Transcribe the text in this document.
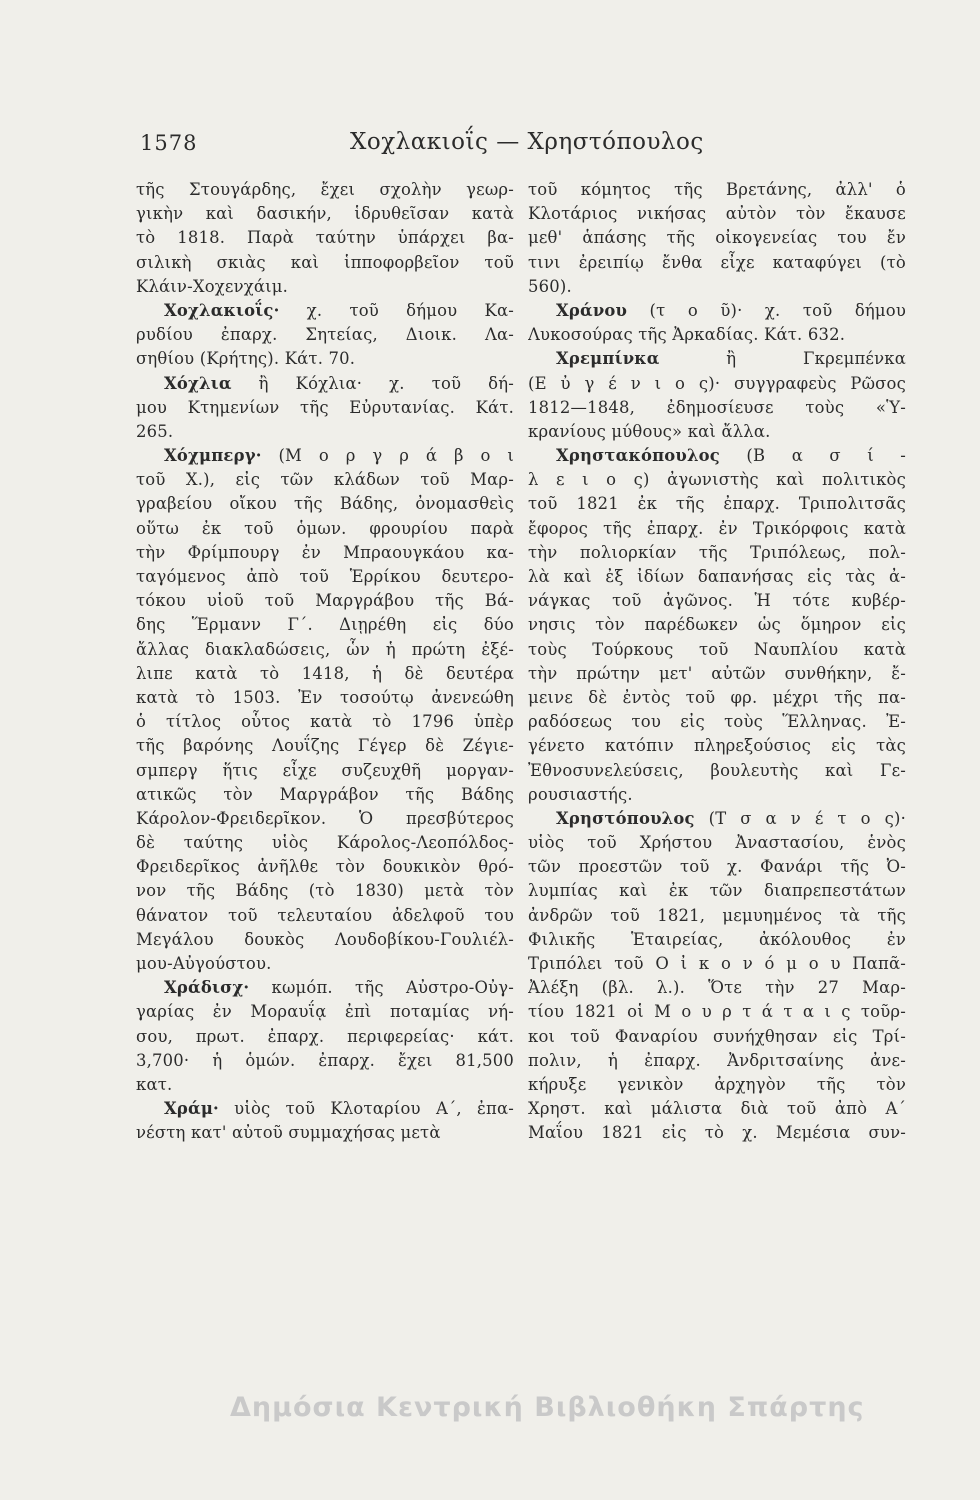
1578	Χοχλακιοΐς — Χρηστόπουλος
τῆς Στουγάρδης, ἔχει σχολὴν γεωρ-
γικὴν καὶ δασικήν, ἱδρυθεῖσαν κατὰ
τὸ 1818. Παρὰ ταύτην ὑπάρχει βα-
σιλικὴ σκιὰς καὶ ἱπποφορβεῖον τοῦ
Κλάιν-Χοχενχάιμ.
Χοχλακιοΐς· χ. τοῦ δήμου Κα-
ρυδίου ἐπαρχ. Σητείας, Διοικ. Λα-
σηθίου (Κρήτης). Κάτ. 70.
Χόχλια ἢ Κόχλια· χ. τοῦ δή-
μου Κτημενίων τῆς Εὐρυτανίας. Κάτ.
265.
Χόχμπεργ· (Μ ο ρ γ ρ ά β ο ι
τοῦ Χ.), εἰς τῶν κλάδων τοῦ Μαρ-
γραβείου οἴκου τῆς Βάδης, ὀνομασθεὶς
οὕτω ἐκ τοῦ ὁμων. φρουρίου παρὰ
τὴν Φρίμπουργ ἐν Μπραουγκάου κα-
ταγόμενος ἀπὸ τοῦ Ἑρρίκου δευτερο-
τόκου υἱοῦ τοῦ Μαργράβου τῆς Βά-
δης Ἕρμανν Γ΄. Διῃρέθη εἰς δύο
ἄλλας διακλαδώσεις, ὧν ἡ πρώτη ἐξέ-
λιπε κατὰ τὸ 1418, ἡ δὲ δευτέρα
κατὰ τὸ 1503. Ἐν τοσούτῳ ἀνενεώθη
ὁ τίτλος οὗτος κατὰ τὸ 1796 ὑπὲρ
τῆς βαρόνης Λουΐζης Γέγερ δὲ Ζέγιε-
σμπεργ ἥτις εἶχε συζευχθῆ μοργαν-
ατικῶς τὸν Μαργράβον τῆς Βάδης
Κάρολον-Φρειδερῖκον. Ὁ πρεσβύτερος
δὲ ταύτης υἱὸς Κάρολος-Λεοπόλδος-
Φρειδερῖκος ἀνῆλθε τὸν δουκικὸν θρό-
νον τῆς Βάδης (τὸ 1830) μετὰ τὸν
θάνατον τοῦ τελευταίου ἀδελφοῦ του
Μεγάλου δουκὸς Λουδοβίκου-Γουλιέλ-
μου-Αὐγούστου.
Χράδισχ· κωμόπ. τῆς Αὐστρο-Οὐγ-
γαρίας ἐν Μοραυΐᾳ ἐπὶ ποταμίας νή-
σου, πρωτ. ἐπαρχ. περιφερείας· κάτ.
3,700· ἡ ὁμών. ἐπαρχ. ἔχει 81,500
κατ.
Χράμ· υἱὸς τοῦ Κλοταρίου Α΄, ἐπα-
νέστη κατ' αὐτοῦ συμμαχήσας μετὰ
τοῦ κόμητος τῆς Βρετάνης, ἀλλ' ὁ
Κλοτάριος νικήσας αὐτὸν τὸν ἔκαυσε
μεθ' ἁπάσης τῆς οἰκογενείας του ἔν
τινι ἐρειπίῳ ἔνθα εἶχε καταφύγει (τὸ
560).
Χράνου (τ ο ῦ)· χ. τοῦ δήμου
Λυκοσούρας τῆς Ἀρκαδίας. Κάτ. 632.
Χρεμπίνκα ἢ Γκρεμπένκα
(Ε ὐ γ έ ν ι ο ς)· συγγραφεὺς Ρῶσος
1812—1848, ἐδημοσίευσε τοὺς «Ὑ-
κρανίους μύθους» καὶ ἄλλα.
Χρηστακόπουλος (Β α σ ί -
λ ε ι ο ς) ἀγωνιστὴς καὶ πολιτικὸς
τοῦ 1821 ἐκ τῆς ἐπαρχ. Τριπολιτσᾶς
ἔφορος τῆς ἐπαρχ. ἐν Τρικόρφοις κατὰ
τὴν πολιορκίαν τῆς Τριπόλεως, πολ-
λὰ καὶ ἐξ ἰδίων δαπανήσας εἰς τὰς ἀ-
νάγκας τοῦ ἀγῶνος. Ἡ τότε κυβέρ-
νησις τὸν παρέδωκεν ὡς ὅμηρον εἰς
τοὺς Τούρκους τοῦ Ναυπλίου κατὰ
τὴν πρώτην μετ' αὐτῶν συνθήκην, ἔ-
μεινε δὲ ἐντὸς τοῦ φρ. μέχρι τῆς πα-
ραδόσεως του εἰς τοὺς Ἕλληνας. Ἐ-
γένετο κατόπιν πληρεξούσιος εἰς τὰς
Ἐθνοσυνελεύσεις, βουλευτὴς καὶ Γε-
ρουσιαστής.
Χρηστόπουλος (Τ σ α ν έ τ ο ς)·
υἱὸς τοῦ Χρήστου Ἀναστασίου, ἑνὸς
τῶν προεστῶν τοῦ χ. Φανάρι τῆς Ὀ-
λυμπίας καὶ ἐκ τῶν διαπρεπεστάτων
ἀνδρῶν τοῦ 1821, μεμυημένος τὰ τῆς
Φιλικῆς Ἑταιρείας, ἀκόλουθος ἐν
Τριπόλει τοῦ Ο ἰ κ ο ν ό μ ο υ Παπᾶ-
Ἀλέξη (βλ. λ.). Ὅτε τὴν 27 Μαρ-
τίου 1821 οἱ Μ ο υ ρ τ ά τ α ι ς τοῦρ-
κοι τοῦ Φαναρίου συνήχθησαν εἰς Τρί-
πολιν, ἡ ἐπαρχ. Ἀνδριτσαίνης ἀνε-
κήρυξε γενικὸν ἀρχηγὸν τῆς τὸν
Χρηστ. καὶ μάλιστα διὰ τοῦ ἀπὸ Α΄
Μαΐου 1821 εἰς τὸ χ. Μεμέσια συν-
Δημόσια Κεντρική Βιβλιοθήκη Σπάρτης
